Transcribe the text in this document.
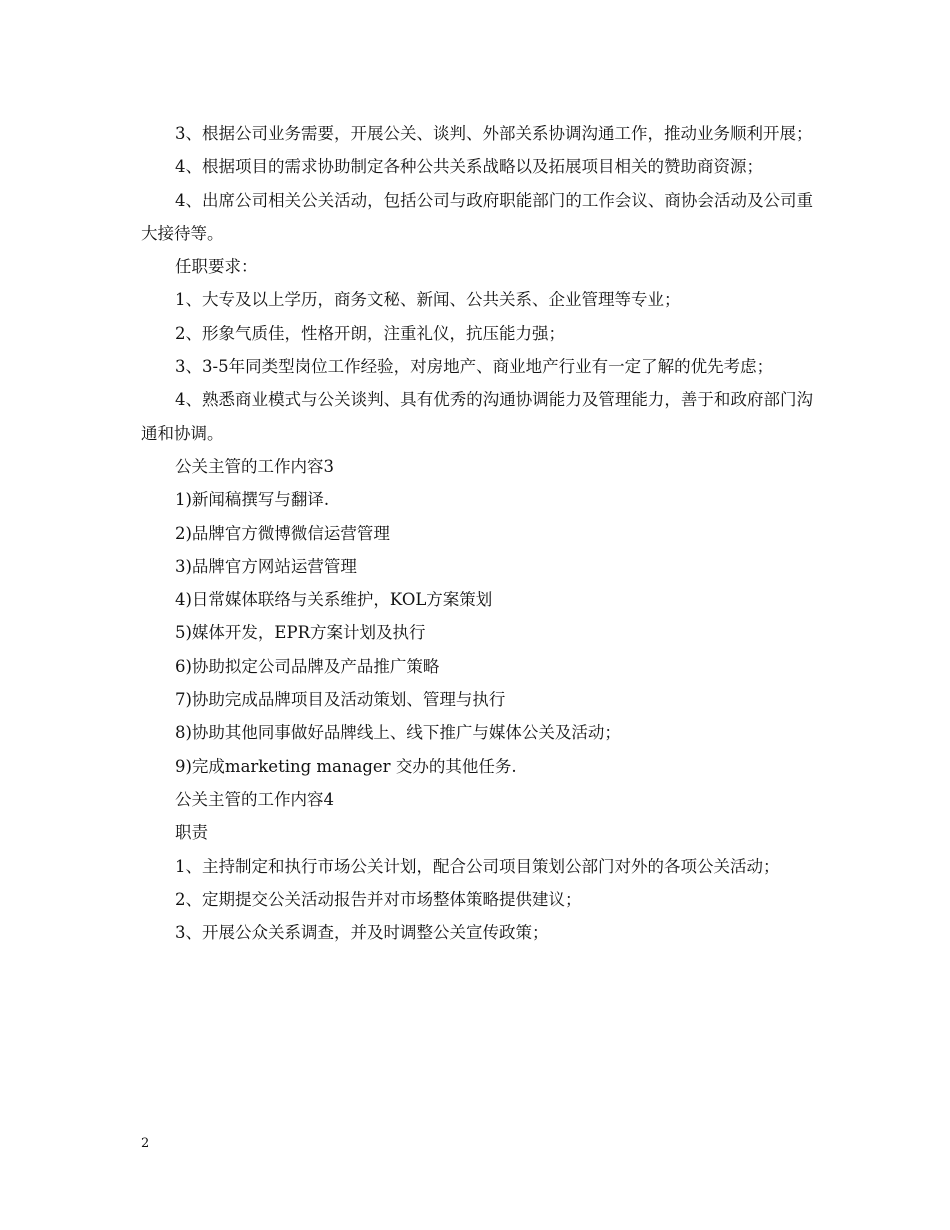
3、根据公司业务需要，开展公关、谈判、外部关系协调沟通工作，推动业务顺利开展；

4、根据项目的需求协助制定各种公共关系战略以及拓展项目相关的赞助商资源；

4、出席公司相关公关活动，包括公司与政府职能部门的工作会议、商协会活动及公司重大接待等。

任职要求：

1、大专及以上学历，商务文秘、新闻、公共关系、企业管理等专业；

2、形象气质佳，性格开朗，注重礼仪，抗压能力强；

3、3-5年同类型岗位工作经验，对房地产、商业地产行业有一定了解的优先考虑；

4、熟悉商业模式与公关谈判、具有优秀的沟通协调能力及管理能力，善于和政府部门沟通和协调。

公关主管的工作内容3

1)新闻稿撰写与翻译.

2)品牌官方微博微信运营管理

3)品牌官方网站运营管理

4)日常媒体联络与关系维护，KOL方案策划

5)媒体开发，EPR方案计划及执行

6)协助拟定公司品牌及产品推广策略

7)协助完成品牌项目及活动策划、管理与执行

8)协助其他同事做好品牌线上、线下推广与媒体公关及活动；

9)完成marketing manager 交办的其他任务.

公关主管的工作内容4

职责

1、主持制定和执行市场公关计划，配合公司项目策划公部门对外的各项公关活动；

2、定期提交公关活动报告并对市场整体策略提供建议；

3、开展公众关系调查，并及时调整公关宣传政策；

2
